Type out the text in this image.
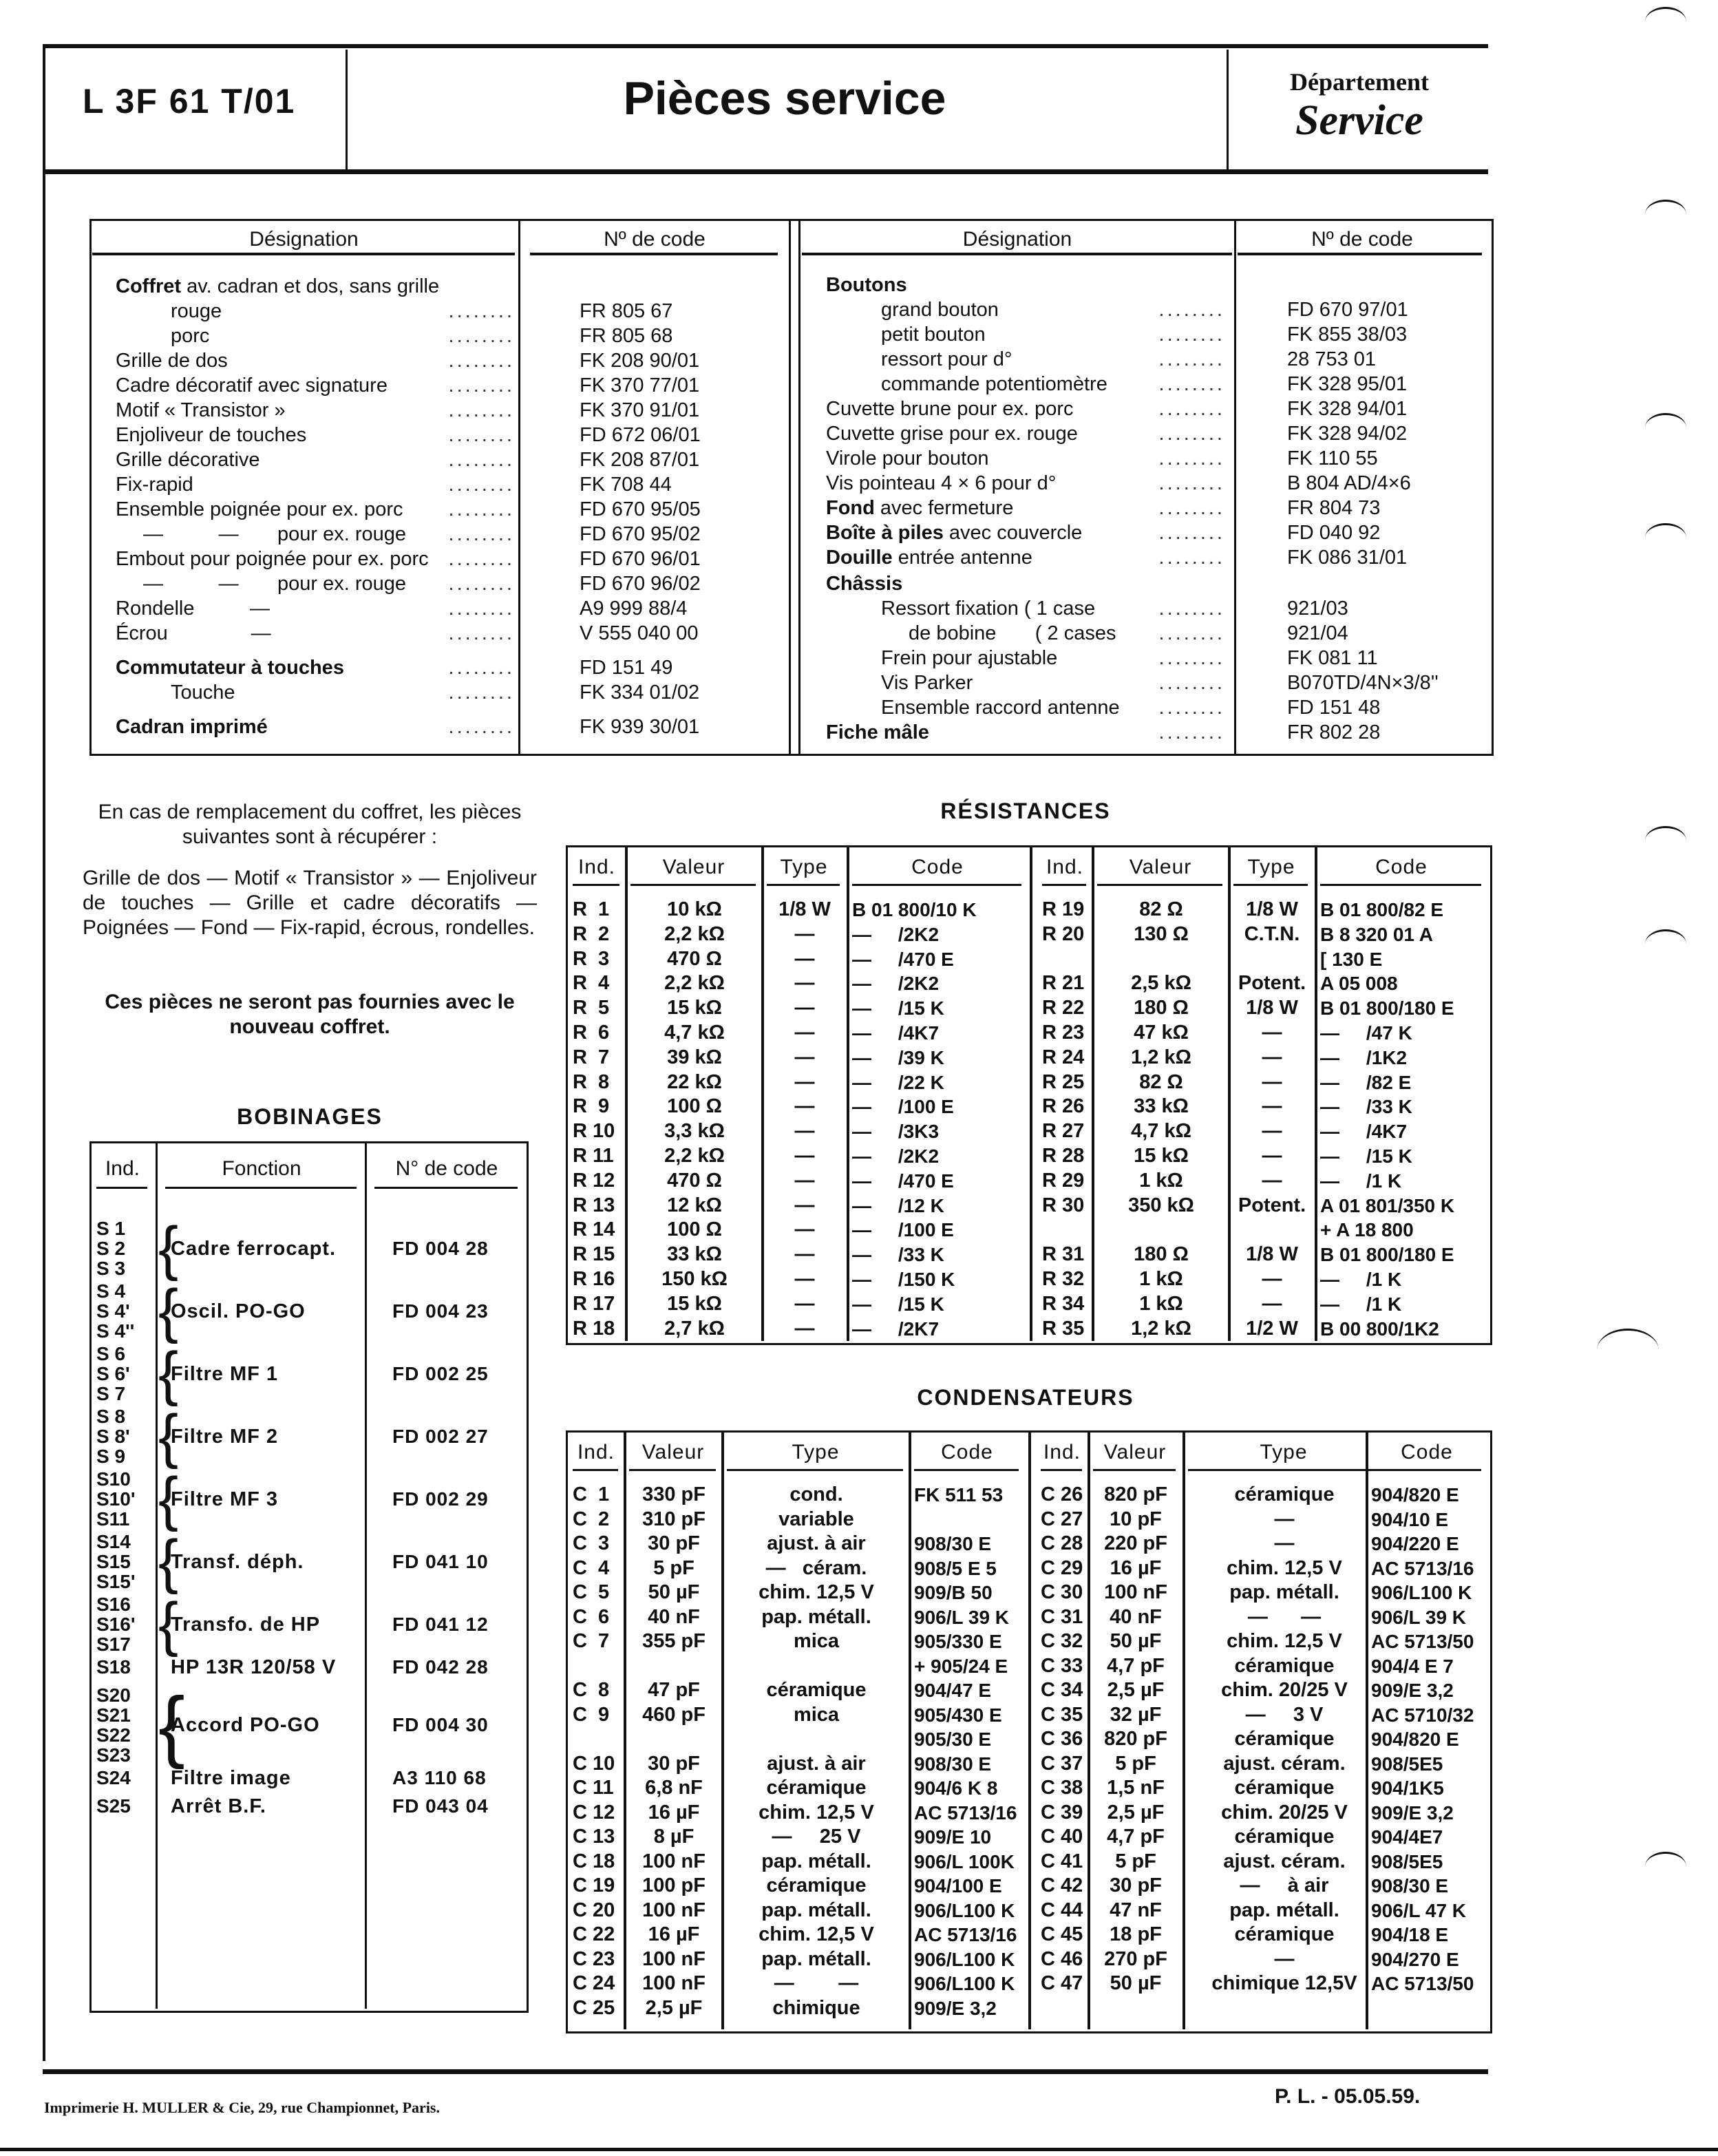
L 3F 61 T/01	Pièces service	Département
Service
Désignation	Nº de code	Désignation	Nº de code
En cas de remplacement du coffret, les pièces suivantes sont à récupérer :
Grille de dos — Motif « Transistor » — Enjoliveur de touches — Grille et cadre décoratifs — Poignées — Fond — Fix-rapid, écrous, rondelles.
Ces pièces ne seront pas fournies avec le nouveau coffret.
BOBINAGES
RÉSISTANCES
CONDENSATEURS
Imprimerie H. MULLER & Cie, 29, rue Championnet, Paris.	P. L. - 05.05.59.
Coffret av. cadran et dos, sans grille
rouge	FR 805 67
........
porc	FR 805 68
........
Grille de dos	FK 208 90/01
........
Cadre décoratif avec signature	FK 370 77/01
........
Motif « Transistor »	FK 370 91/01
........
Enjoliveur de touches	FD 672 06/01
........
Grille décorative	FK 208 87/01
........
Fix-rapid	FK 708 44
........
Ensemble poignée pour ex. porc	FD 670 95/05
........
—          —       pour ex. rouge	FD 670 95/02
........
Embout pour poignée pour ex. porc	FD 670 96/01
........
—          —       pour ex. rouge	FD 670 96/02
........
Rondelle          —	A9 999 88/4
........
Écrou               —	V 555 040 00
........
Commutateur à touches	FD 151 49
........
Touche	FK 334 01/02
........
Cadran imprimé	FK 939 30/01
........
Boutons
grand bouton	FD 670 97/01
........
petit bouton	FK 855 38/03
........
ressort pour d°	28 753 01
........
commande potentiomètre	FK 328 95/01
........
Cuvette brune pour ex. porc	FK 328 94/01
........
Cuvette grise pour ex. rouge	FK 328 94/02
........
Virole pour bouton	FK 110 55
........
Vis pointeau 4 × 6 pour d°	B 804 AD/4×6
........
Fond avec fermeture	FR 804 73
........
Boîte à piles avec couvercle	FD 040 92
........
Douille entrée antenne	FK 086 31/01
........
Châssis
Ressort fixation ( 1 case	921/03
........
de bobine       ( 2 cases	921/04
........
Frein pour ajustable	FK 081 11
........
Vis Parker	B070TD/4N×3/8''
........
Ensemble raccord antenne	FD 151 48
........
Fiche mâle	FR 802 28
........
Ind.	Fonction	N° de code
S 1
S 2
S 3 {
Cadre ferrocapt.	FD 004 28
S 4
S 4'
S 4'' {
Oscil. PO-GO	FD 004 23
S 6
S 6'
S 7 {
Filtre MF 1	FD 002 25
S 8
S 8'
S 9 {
Filtre MF 2	FD 002 27
S10
S10'
S11 {
Filtre MF 3	FD 002 29
S14
S15
S15' {
Transf. déph.	FD 041 10
S16
S16'
S17 {
Transfo. de HP	FD 041 12
S18 HP 13R 120/58 V	FD 042 28
S20
S21
S22
S23 {
Accord PO-GO	FD 004 30
S24 Filtre image	A3 110 68
S25 Arrêt B.F.	FD 043 04
Ind.	Valeur	Type	Code
R  1	10 kΩ	1/8 W	B 01 800/10 K
R  2	2,2 kΩ	—	—     /2K2
R  3	470 Ω	—	—     /470 E
R  4	2,2 kΩ	—	—     /2K2
R  5	15 kΩ	—	—     /15 K
R  6	4,7 kΩ	—	—     /4K7
R  7	39 kΩ	—	—     /39 K
R  8	22 kΩ	—	—     /22 K
R  9	100 Ω	—	—     /100 E
R 10	3,3 kΩ	—	—     /3K3
R 11	2,2 kΩ	—	—     /2K2
R 12	470 Ω	—	—     /470 E
R 13	12 kΩ	—	—     /12 K
R 14	100 Ω	—	—     /100 E
R 15	33 kΩ	—	—     /33 K
R 16	150 kΩ	—	—     /150 K
R 17	15 kΩ	—	—     /15 K
R 18	2,7 kΩ	—	—     /2K7
Ind.	Valeur	Type	Code
R 19	82 Ω	1/8 W	B 01 800/82 E
R 20	130 Ω	C.T.N.	B 8 320 01 A
[ 130 E
R 21	2,5 kΩ	Potent. A 05 008
R 22	180 Ω	1/8 W	B 01 800/180 E
R 23	47 kΩ	—	—     /47 K
R 24	1,2 kΩ	—	—     /1K2
R 25	82 Ω	—	—     /82 E
R 26	33 kΩ	—	—     /33 K
R 27	4,7 kΩ	—	—     /4K7
R 28	15 kΩ	—	—     /15 K
R 29	1 kΩ	—	—     /1 K
R 30	350 kΩ	Potent. A 01 801/350 K
+ A 18 800
R 31	180 Ω	1/8 W	B 01 800/180 E
R 32	1 kΩ	—	—     /1 K
R 34	1 kΩ	—	—     /1 K
R 35	1,2 kΩ	1/2 W	B 00 800/1K2
Ind.	Valeur	Type	Code
C  1	330 pF	cond.	FK 511 53
C  2	310 pF	variable
C  3	30 pF	ajust. à air	908/30 E
C  4	5 pF	—   céram.	908/5 E 5
C  5	50 µF	chim. 12,5 V	909/B 50
C  6	40 nF	pap. métall.	906/L 39 K
C  7	355 pF	mica	905/330 E
+ 905/24 E
C  8	47 pF	céramique	904/47 E
C  9	460 pF	mica	905/430 E
905/30 E
C 10	30 pF	ajust. à air	908/30 E
C 11	6,8 nF	céramique	904/6 K 8
C 12	16 µF	chim. 12,5 V	AC 5713/16
C 13	8 µF	—     25 V	909/E 10
C 18	100 nF	pap. métall.	906/L 100K
C 19	100 pF	céramique	904/100 E
C 20	100 nF	pap. métall.	906/L100 K
C 22	16 µF	chim. 12,5 V	AC 5713/16
C 23	100 nF	pap. métall.	906/L100 K
C 24	100 nF	—        —	906/L100 K
C 25	2,5 µF	chimique	909/E 3,2
Ind.	Valeur	Type	Code
C 26	820 pF	céramique	904/820 E
C 27	10 pF	—	904/10 E
C 28	220 pF	—	904/220 E
C 29	16 µF	chim. 12,5 V	AC 5713/16
C 30	100 nF	pap. métall.	906/L100 K
C 31	40 nF	—      —	906/L 39 K
C 32	50 µF	chim. 12,5 V	AC 5713/50
C 33	4,7 pF	céramique	904/4 E 7
C 34	2,5 µF	chim. 20/25 V	909/E 3,2
C 35	32 µF	—     3 V	AC 5710/32
C 36	820 pF	céramique	904/820 E
C 37	5 pF	ajust. céram.	908/5E5
C 38	1,5 nF	céramique	904/1K5
C 39	2,5 µF	chim. 20/25 V	909/E 3,2
C 40	4,7 pF	céramique	904/4E7
C 41	5 pF	ajust. céram.	908/5E5
C 42	30 pF	—     à air	908/30 E
C 44	47 nF	pap. métall.	906/L 47 K
C 45	18 pF	céramique	904/18 E
C 46	270 pF	—	904/270 E
C 47	50 µF	chimique 12,5V AC 5713/50
